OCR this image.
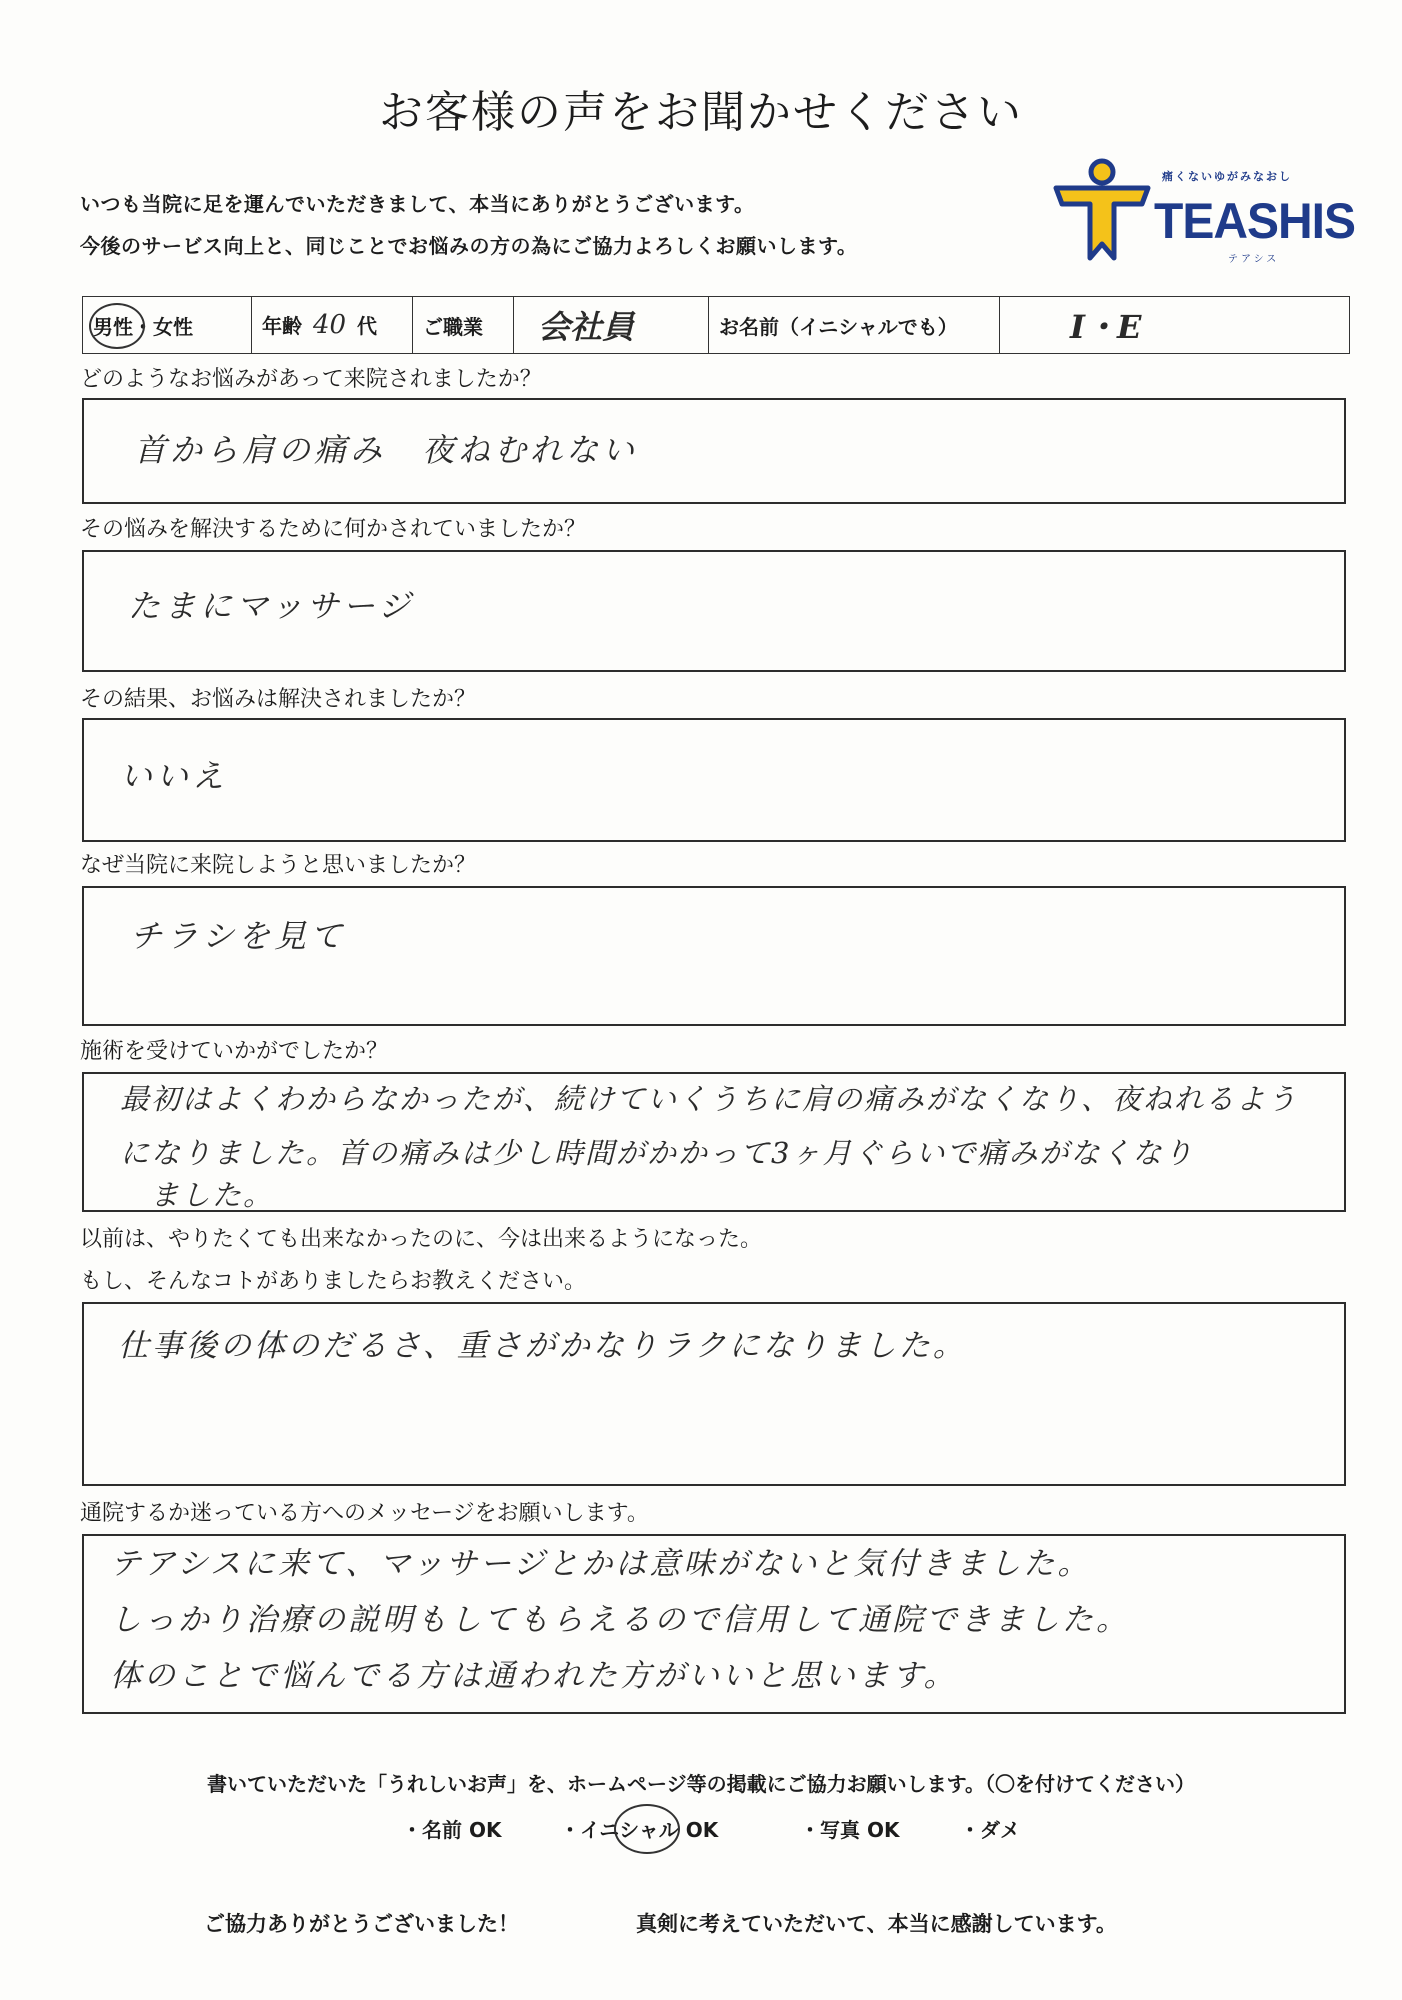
お客様の声をお聞かせください
いつも当院に足を運んでいただきまして、本当にありがとうございます。
今後のサービス向上と、同じことでお悩みの方の為にご協力よろしくお願いします。
痛くないゆがみなおし
TEASHIS
テアシス
男性・女性	年齢 40 代	ご職業	会社員	お名前（イニシャルでも）	I・E
どのようなお悩みがあって来院されましたか？
首から肩の痛み　夜ねむれない
その悩みを解決するために何かされていましたか？
たまにマッサージ
その結果、お悩みは解決されましたか？
いいえ
なぜ当院に来院しようと思いましたか？
チラシを見て
施術を受けていかがでしたか？
最初はよくわからなかったが、続けていくうちに肩の痛みがなくなり、夜ねれるよう
になりました。首の痛みは少し時間がかかって3ヶ月ぐらいで痛みがなくなり
ました。
以前は、やりたくても出来なかったのに、今は出来るようになった。
もし、そんなコトがありましたらお教えください。
仕事後の体のだるさ、重さがかなりラクになりました。
通院するか迷っている方へのメッセージをお願いします。
テアシスに来て、マッサージとかは意味がないと気付きました。
しっかり治療の説明もしてもらえるので信用して通院できました。
体のことで悩んでる方は通われた方がいいと思います。
書いていただいた「うれしいお声」を、ホームページ等の掲載にご協力お願いします。（〇を付けてください）
・名前 OK	・イニシャル OK	・写真 OK	・ダメ
ご協力ありがとうございました！	真剣に考えていただいて、本当に感謝しています。
